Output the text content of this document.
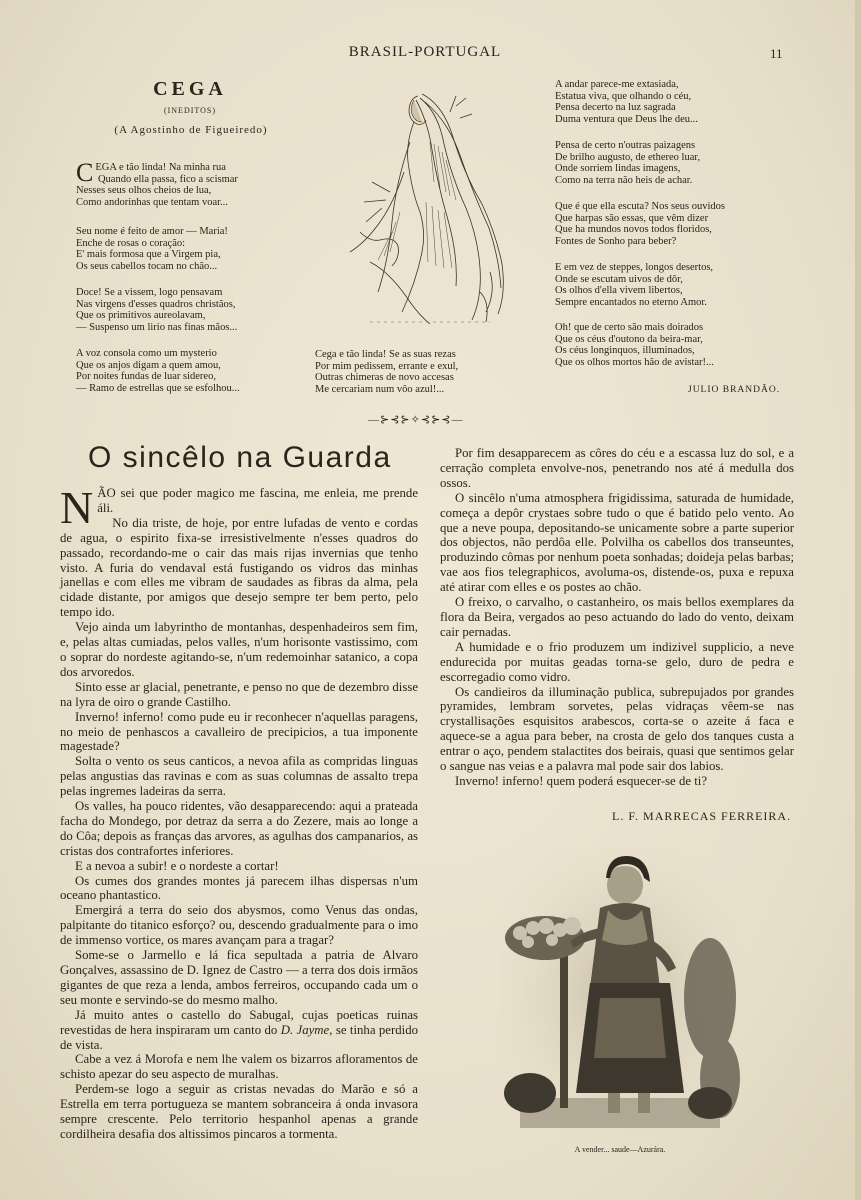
BRASIL-PORTUGAL	11
CEGA
(INEDITOS)
(A Agostinho de Figueiredo)
CEGA e tão linda! Na minha rua
Quando ella passa, fico a scismar
Nesses seus olhos cheios de lua,
Como andorinhas que tentam voar...
Seu nome é feito de amor — Maria!
Enche de rosas o coração:
E' mais formosa que a Virgem pia,
Os seus cabellos tocam no chão...
Doce! Se a vissem, logo pensavam
Nas virgens d'esses quadros christãos,
Que os primitivos aureolavam,
— Suspenso um lirio nas finas mãos...
A voz consola como um mysterio
Que os anjos digam a quem amou,
Por noites fundas de luar sidereo,
— Ramo de estrellas que se esfolhou...
Cega e tão linda! Se as suas rezas
Por mim pedissem, errante e exul,
Outras chimeras de novo accesas
Me cercariam num vôo azul!...
A andar parece-me extasiada,
Estatua viva, que olhando o céu,
Pensa decerto na luz sagrada
Duma ventura que Deus lhe deu...
Pensa de certo n'outras paizagens
De brilho augusto, de ethereo luar,
Onde sorriem lindas imagens,
Como na terra não heis de achar.
Que é que ella escuta? Nos seus ouvidos
Que harpas são essas, que vêm dizer
Que ha mundos novos todos floridos,
Fontes de Sonho para beber?
E em vez de steppes, longos desertos,
Onde se escutam uivos de dôr,
Os olhos d'ella vivem libertos,
Sempre encantados no eterno Amor.
Oh! que de certo são mais doirados
Que os céus d'outono da beira-mar,
Os céus longinquos, illuminados,
Que os olhos mortos hão de avistar!...
JULIO BRANDÃO.
—⊱⊰⊱✧⊰⊱⊰—
O sincêlo na Guarda

NÃO sei que poder magico me fascina, me enleia, me prende áli.
No dia triste, de hoje, por entre lufadas de vento e cordas de agua, o espirito fixa-se irresistivelmente n'esses quadros do passado, recordando-me o cair das mais rijas invernias que tenho visto. A furia do vendaval está fustigando os vidros das minhas janellas e com elles me vibram de saudades as fibras da alma, pela cidade distante, por amigos que desejo sempre ter bem perto, pelo tempo ido.

Vejo ainda um labyrintho de montanhas, despenhadeiros sem fim, e, pelas altas cumiadas, pelos valles, n'um horisonte vastissimo, com o soprar do nordeste agitando-se, n'um redemoinhar satanico, a copa dos arvoredos.

Sinto esse ar glacial, penetrante, e penso no que de dezembro disse na lyra de oiro o grande Castilho.

Inverno! inferno! como pude eu ir reconhecer n'aquellas paragens, no meio de penhascos a cavalleiro de precipicios, a tua imponente magestade?

Solta o vento os seus canticos, a nevoa afila as compridas linguas pelas angustias das ravinas e com as suas columnas de assalto trepa pelas ingremes ladeiras da serra.

Os valles, ha pouco ridentes, vão desapparecendo: aqui a prateada facha do Mondego, por detraz da serra a do Zezere, mais ao longe a do Côa; depois as franças das arvores, as agulhas dos campanarios, as cristas dos contrafortes inferiores.

E a nevoa a subir! e o nordeste a cortar!

Os cumes dos grandes montes já parecem ilhas dispersas n'um oceano phantastico.

Emergirá a terra do seio dos abysmos, como Venus das ondas, palpitante do titanico esforço? ou, descendo gradualmente para o imo de immenso vortice, os mares avançam para a tragar?

Some-se o Jarmello e lá fica sepultada a patria de Alvaro Gonçalves, assassino de D. Ignez de Castro — a terra dos dois irmãos gigantes de que reza a lenda, ambos ferreiros, occupando cada um o seu monte e servindo-se do mesmo malho.

Já muito antes o castello do Sabugal, cujas poeticas ruinas revestidas de hera inspiraram um canto do D. Jayme, se tinha perdido de vista.

Cabe a vez á Morofa e nem lhe valem os bizarros afloramentos de schisto apezar do seu aspecto de muralhas.

Perdem-se logo a seguir as cristas nevadas do Marão e só a Estrella em terra portugueza se mantem sobranceira á onda invasora sempre crescente. Pelo territorio hespanhol apenas a grande cordilheira desafia dos altissimos pincaros a tormenta.

Por fim desapparecem as côres do céu e a escassa luz do sol, e a cerração completa envolve-nos, penetrando nos até á medulla dos ossos.

O sincêlo n'uma atmosphera frigidissima, saturada de humidade, começa a depôr crystaes sobre tudo o que é batido pelo vento. Ao que a neve poupa, depositando-se unicamente sobre a parte superior dos objectos, não perdôa elle. Polvilha os cabellos dos transeuntes, produzindo cômas por nenhum poeta sonhadas; doideja pelas barbas; vae aos fios telegraphicos, avoluma-os, distende-os, puxa e repuxa até atirar com elles e os postes ao chão.

O freixo, o carvalho, o castanheiro, os mais bellos exemplares da flora da Beira, vergados ao peso actuando do lado do vento, deixam cair pernadas.

A humidade e o frio produzem um indizivel supplicio, a neve endurecida por muitas geadas torna-se gelo, duro de pedra e escorregadio como vidro.

Os candieiros da illuminação publica, subrepujados por grandes pyramides, lembram sorvetes, pelas vidraças vêem-se nas crystallisações esquisitos arabescos, corta-se o azeite á faca e aquece-se a agua para beber, na crosta de gelo dos tanques custa a entrar o aço, pendem stalactites dos beirais, quasi que sentimos gelar o sangue nas veias e a palavra mal pode sair dos labios.

Inverno! inferno! quem poderá esquecer-se de ti?

L. F. MARRECAS FERREIRA.
A vender... saude—Azurára.
